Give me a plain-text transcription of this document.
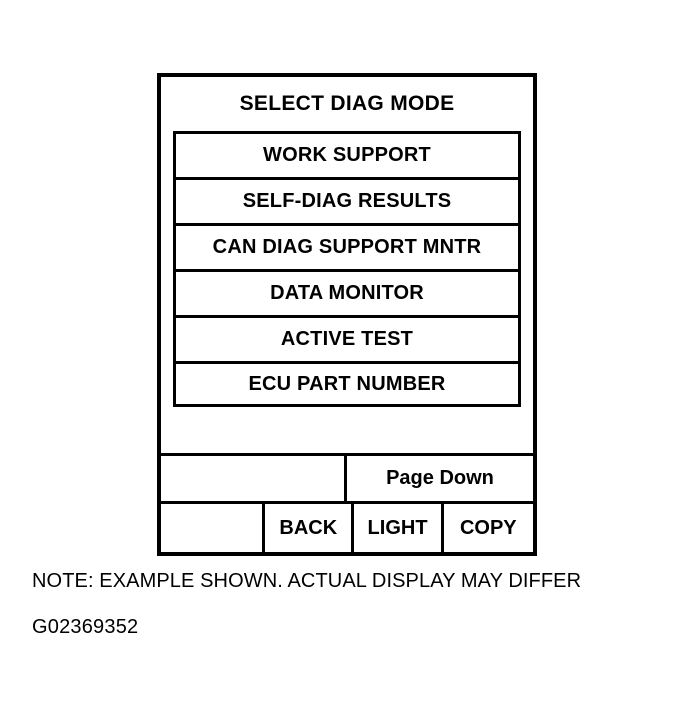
SELECT DIAG MODE
WORK SUPPORT
SELF-DIAG RESULTS
CAN DIAG SUPPORT MNTR
DATA MONITOR
ACTIVE TEST
ECU PART NUMBER
Page Down
BACK	LIGHT	COPY
NOTE: EXAMPLE SHOWN. ACTUAL DISPLAY MAY DIFFER
G02369352
